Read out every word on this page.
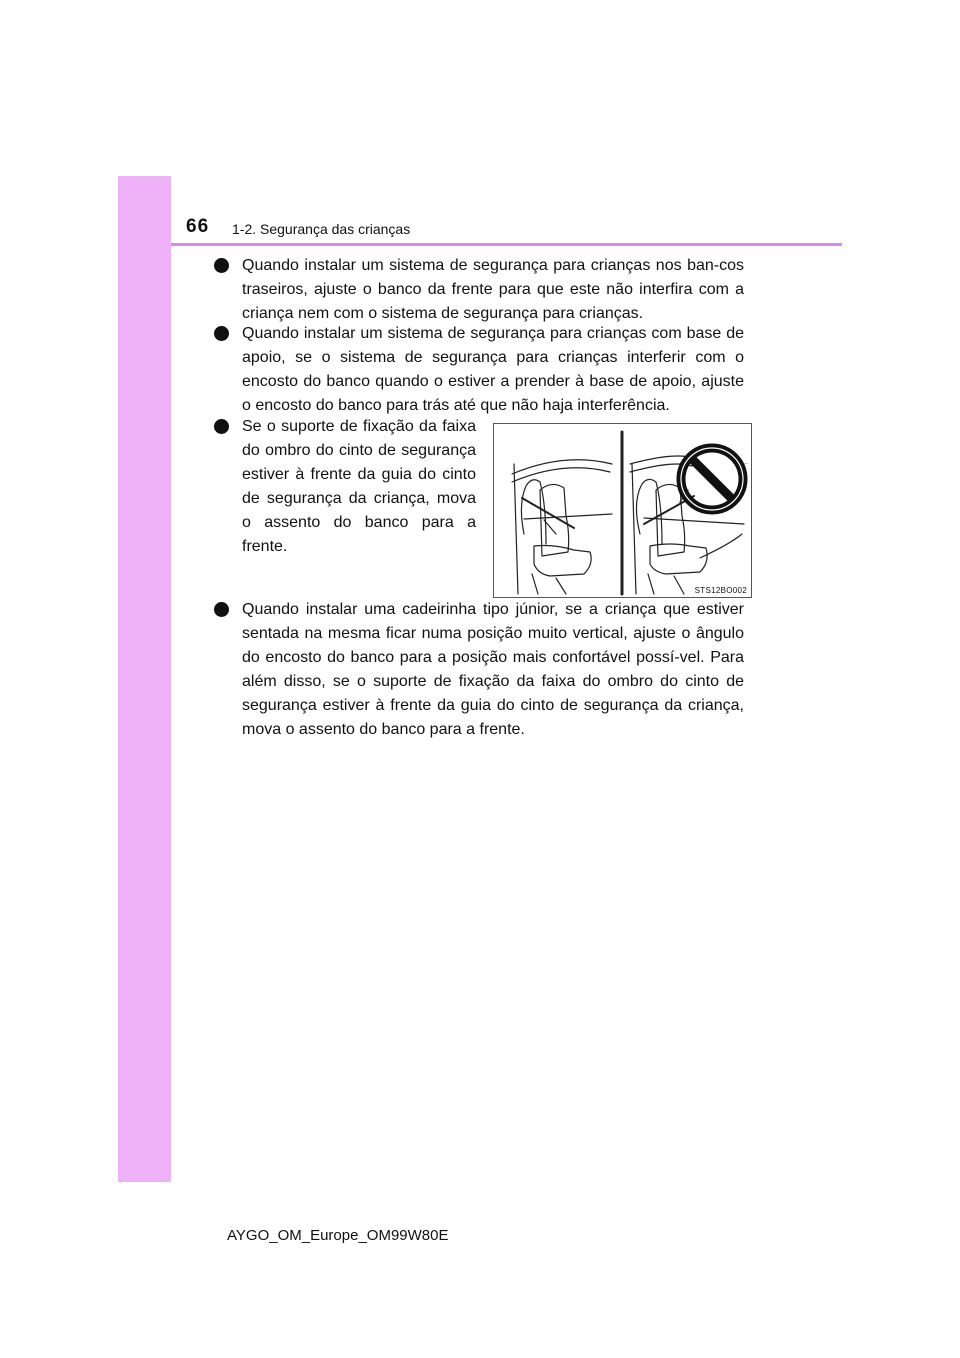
66 1-2. Segurança das crianças

Quando instalar um sistema de segurança para crianças nos ban-cos traseiros, ajuste o banco da frente para que este não interfira com a criança nem com o sistema de segurança para crianças.

Quando instalar um sistema de segurança para crianças com base de apoio, se o sistema de segurança para crianças interferir com o encosto do banco quando o estiver a prender à base de apoio, ajuste o encosto do banco para trás até que não haja interferência.

Se o suporte de fixação da faixa do ombro do cinto de segurança estiver à frente da guia do cinto de segurança da criança, mova o assento do banco para a frente.

...
STS12BO002

Quando instalar uma cadeirinha tipo júnior, se a criança que estiver sentada na mesma ficar numa posição muito vertical, ajuste o ângulo do encosto do banco para a posição mais confortável possí-vel. Para além disso, se o suporte de fixação da faixa do ombro do cinto de segurança estiver à frente da guia do cinto de segurança da criança, mova o assento do banco para a frente.

AYGO_OM_Europe_OM99W80E
